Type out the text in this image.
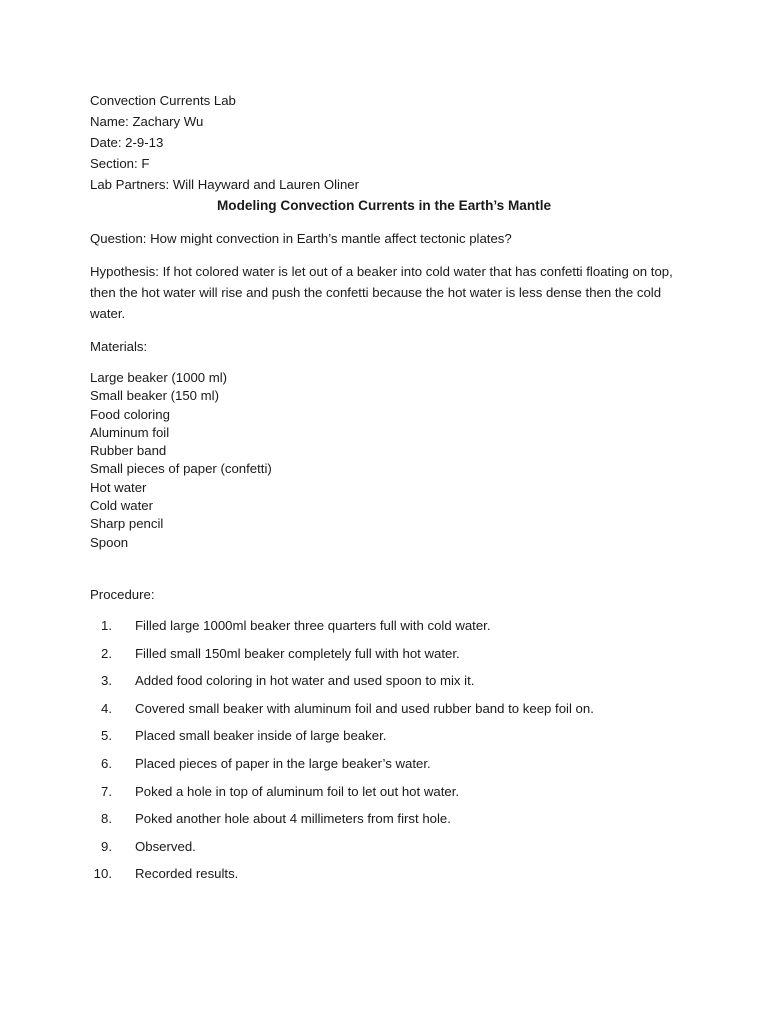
Convection Currents Lab
Name: Zachary Wu
Date: 2-9-13
Section: F
Lab Partners: Will Hayward and Lauren Oliner
Modeling Convection Currents in the Earth’s Mantle
Question: How might convection in Earth’s mantle affect tectonic plates?
Hypothesis: If hot colored water is let out of a beaker into cold water that has confetti floating on top, then the hot water will rise and push the confetti because the hot water is less dense then the cold water.
Materials:
Large beaker (1000 ml)
Small beaker (150 ml)
Food coloring
Aluminum foil
Rubber band
Small pieces of paper (confetti)
Hot water
Cold water
Sharp pencil
Spoon
Procedure:
1. Filled large 1000ml beaker three quarters full with cold water.
2. Filled small 150ml beaker completely full with hot water.
3. Added food coloring in hot water and used spoon to mix it.
4. Covered small beaker with aluminum foil and used rubber band to keep foil on.
5. Placed small beaker inside of large beaker.
6. Placed pieces of paper in the large beaker’s water.
7. Poked a hole in top of aluminum foil to let out hot water.
8. Poked another hole about 4 millimeters from first hole.
9. Observed.
10. Recorded results.
